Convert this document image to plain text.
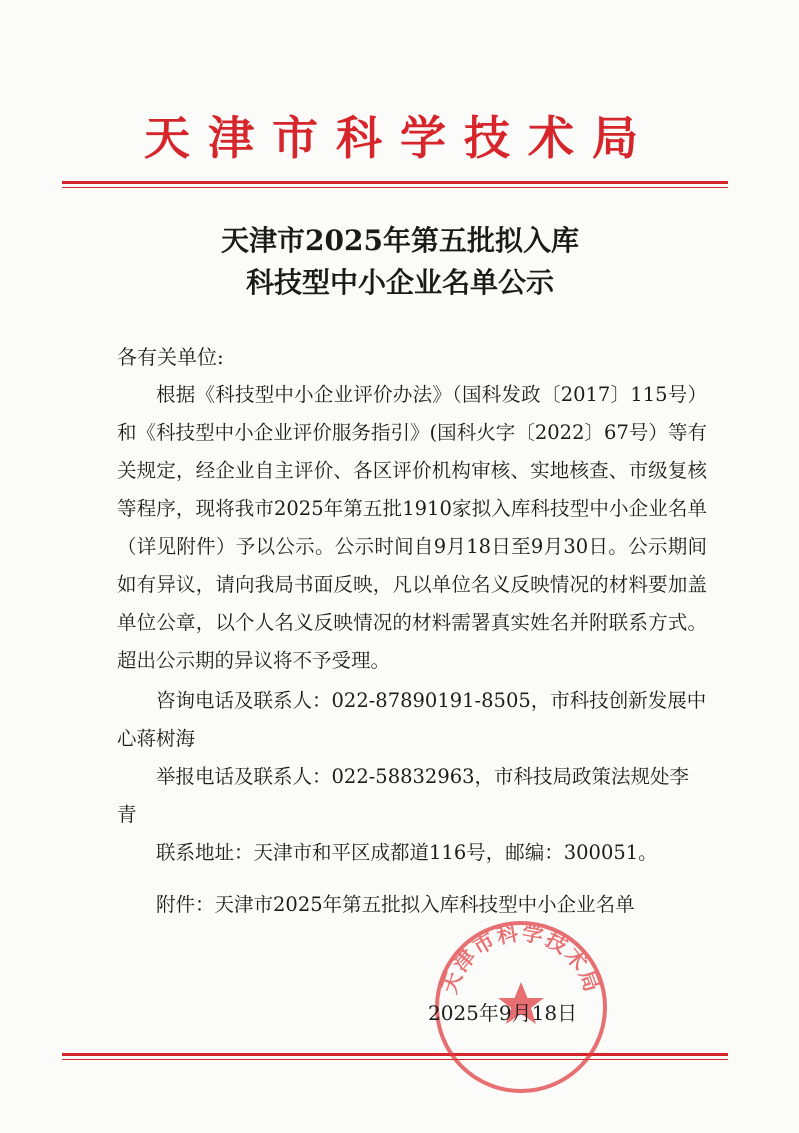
天津市科学技术局
天津市2025年第五批拟入库
科技型中小企业名单公示
各有关单位:

根据《科技型中小企业评价办法》（国科发政〔2017〕115号）和《科技型中小企业评价服务指引》(国科火字〔2022〕67号）等有关规定，经企业自主评价、各区评价机构审核、实地核查、市级复核等程序，现将我市2025年第五批1910家拟入库科技型中小企业名单（详见附件）予以公示。公示时间自9月18日至9月30日。公示期间如有异议，请向我局书面反映，凡以单位名义反映情况的材料要加盖单位公章，以个人名义反映情况的材料需署真实姓名并附联系方式。超出公示期的异议将不予受理。

咨询电话及联系人：022-87890191-8505，市科技创新发展中心蒋树海

举报电话及联系人：022-58832963，市科技局政策法规处李青

联系地址：天津市和平区成都道116号，邮编：300051。

附件：天津市2025年第五批拟入库科技型中小企业名单

天津市科学技术局
2025年9月18日
